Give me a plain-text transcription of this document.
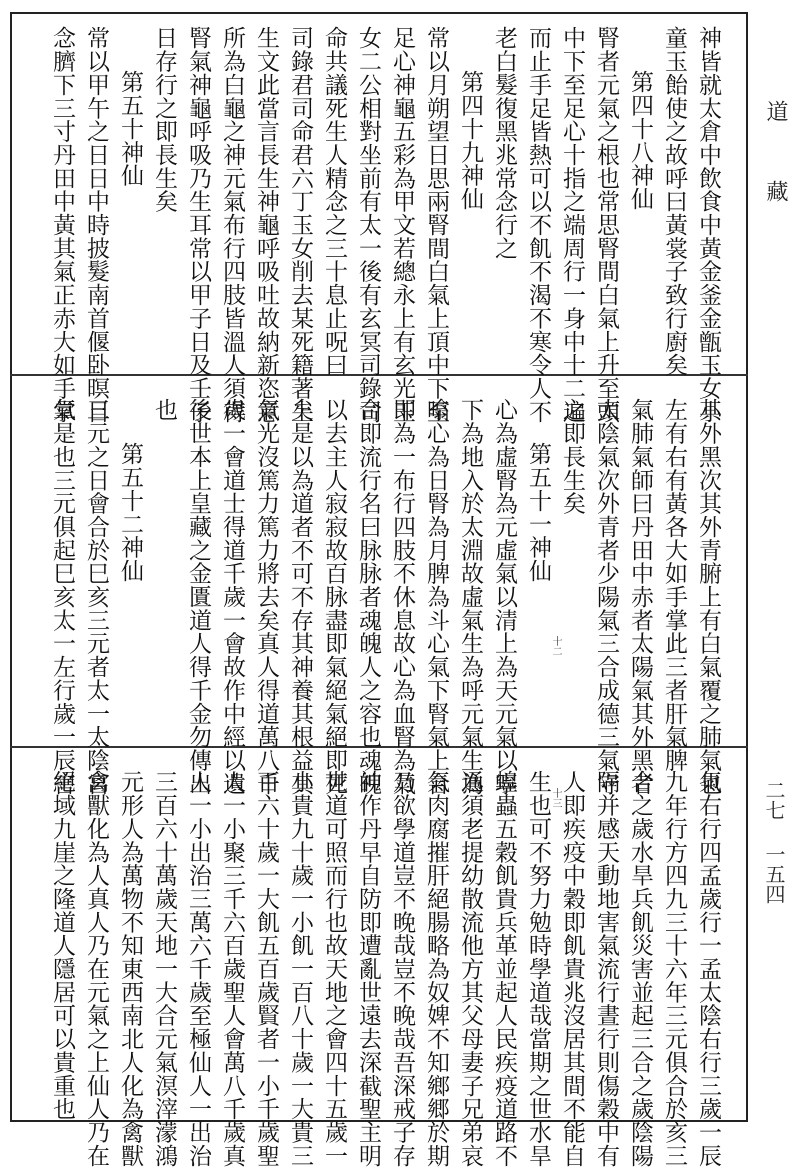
神皆就太倉中飲食中黃金釜金甑玉女小
童玉飴使之故呼曰黃裳子致行廚矣
第四十八神仙
腎者元氣之根也常思腎間白氣上升至頭
中下至足心十指之端周行一身中十二遍
而止手足皆熱可以不飢不渴不寒令人不
老白髮復黑兆常念行之
第四十九神仙
常以月朔望日思兩腎間白氣上頂中下至
足心神龜五彩為甲文若總永上有玄光玉
女二公相對坐前有太一後有玄冥司錄司
命共議死生人精念之三十息止呪曰
司錄君司命君六丁玉女削去某死籍著上
生文此當言長生神龜呼吸吐故納新恣意
所為白龜之神元氣布行四肢皆溫人須得
腎氣神龜呼吸乃生耳常以甲子日及壬子
日存行之即長生矣
第五十神仙
常以甲午之日日中時披髮南首偃卧暝目
念臍下三寸丹田中黃其氣正赤大如手掌
其外黑次其外青腑上有白氣覆之肺氣也
左有右有黃各大如手掌此三者肝氣脾
氣肺氣師曰丹田中赤者太陽氣其外黑者
太陰氣次外青者少陽氣三合成德三氣守
之即長生矣
第五十一神仙
心為虛腎為元虛氣以清上為天元氣以寧
下為地入於太淵故虛氣生為呼元氣生為
噏心為日腎為月脾為斗心氣下腎氣上合
即為一布行四肢不休息故心為血腎為氣
合即流行名曰脉脉者魂魄人之容也魂魄
以去主人寂寂故百脉盡即氣絕氣絕即死
矣是以為道者不可不存其神養其根益其
氣光沒篤力篤力將去矣真人得道萬八千
歲一會道士得道千歲一會故作中經以遺
後世本上皇藏之金匱道人得千金勿傳出
也
第五十二神仙
三元之日會合於巳亥三元者太一太陰宮
氣是也三元俱起巳亥太一左行歲一辰害
氣右行四孟歲行一孟太陰右行三歲一辰
九年行方四九三十六年三元俱合於亥三
合之歲水旱兵飢災害並起三合之歲陰陽
隔并感天動地害氣流行晝行則傷穀中有
人即疾疫中穀即飢貴兆沒居其間不能自
生也可不努力勉時學道哉當期之世水旱
蝗蟲五穀飢貴兵革並起人民疾疫道路不
通須老提幼散流他方其父母妻子兄弟哀
氣肉腐摧肝絕腸略為奴婢不知鄉郷於期
乃欲學道豈不晚哉豈不晚哉吾深戒子存
神作丹早自防即遭亂世遠去深截聖主明
世道可照而行也故天地之會四十五歲一
小貴九十歲一小飢一百八十歲一大貴三
百六十歲一大飢五百歲賢者一小千歲聖
人一小聚三千六百歲聖人會萬八千歲真
人一小出治三萬六千歲至極仙人一出治
三百六十萬歲天地一大合元氣溟滓濛鴻
元形人為萬物不知東西南北人化為禽獸
禽獸化為人真人乃在元氣之上仙人乃在
絕域九崖之隆道人隱居可以貴重也
十二
十三
道
藏
二七 一五四
